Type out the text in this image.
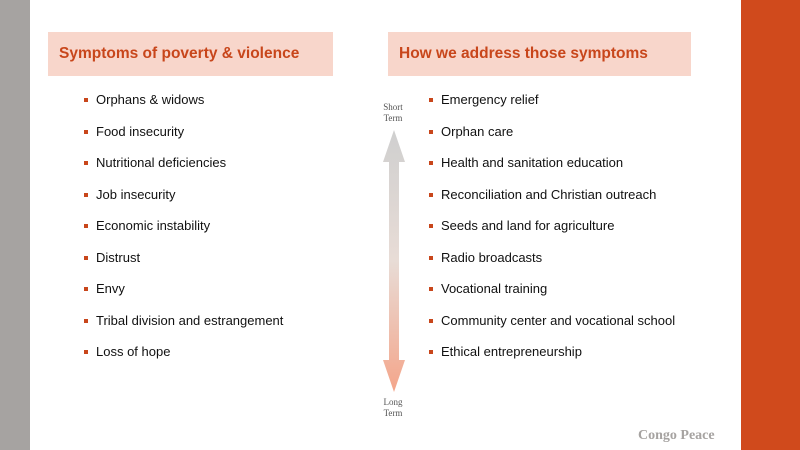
Symptoms of poverty & violence	How we address those symptoms
Orphans & widows
Food insecurity
Nutritional deficiencies
Job insecurity
Economic instability
Distrust
Envy
Tribal division and estrangement
Loss of hope
Emergency relief
Orphan care
Health and sanitation education
Reconciliation and Christian outreach
Seeds and land for agriculture
Radio broadcasts
Vocational training
Community center and vocational school
Ethical entrepreneurship
Short Term
Long Term
Congo Peace
